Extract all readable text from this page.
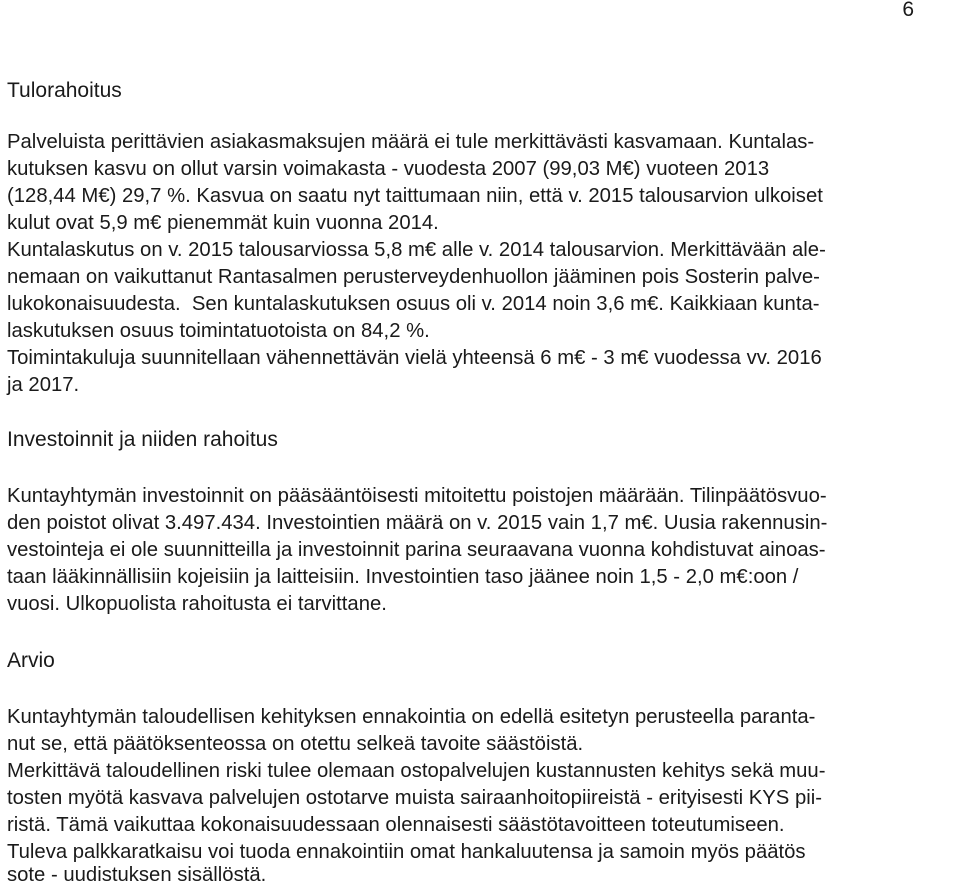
6
Tulorahoitus
Palveluista perittävien asiakasmaksujen määrä ei tule merkittävästi kasvamaan. Kuntalas-
kutuksen kasvu on ollut varsin voimakasta - vuodesta 2007 (99,03 M€) vuoteen 2013
(128,44 M€) 29,7 %. Kasvua on saatu nyt taittumaan niin, että v. 2015 talousarvion ulkoiset
kulut ovat 5,9 m€ pienemmät kuin vuonna 2014.
Kuntalaskutus on v. 2015 talousarviossa 5,8 m€ alle v. 2014 talousarvion. Merkittävään ale-
nemaan on vaikuttanut Rantasalmen perusterveydenhuollon jääminen pois Sosterin palve-
lukokonaisuudesta.  Sen kuntalaskutuksen osuus oli v. 2014 noin 3,6 m€. Kaikkiaan kunta-
laskutuksen osuus toimintatuotoista on 84,2 %.
Toimintakuluja suunnitellaan vähennettävän vielä yhteensä 6 m€ - 3 m€ vuodessa vv. 2016
ja 2017.
Investoinnit ja niiden rahoitus
Kuntayhtymän investoinnit on pääsääntöisesti mitoitettu poistojen määrään. Tilinpäätösvuo-
den poistot olivat 3.497.434. Investointien määrä on v. 2015 vain 1,7 m€. Uusia rakennusin-
vestointeja ei ole suunnitteilla ja investoinnit parina seuraavana vuonna kohdistuvat ainoas-
taan lääkinnällisiin kojeisiin ja laitteisiin. Investointien taso jäänee noin 1,5 - 2,0 m€:oon /
vuosi. Ulkopuolista rahoitusta ei tarvittane.
Arvio
Kuntayhtymän taloudellisen kehityksen ennakointia on edellä esitetyn perusteella paranta-
nut se, että päätöksenteossa on otettu selkeä tavoite säästöistä.
Merkittävä taloudellinen riski tulee olemaan ostopalvelujen kustannusten kehitys sekä muu-
tosten myötä kasvava palvelujen ostotarve muista sairaanhoitopiireistä - erityisesti KYS pii-
ristä. Tämä vaikuttaa kokonaisuudessaan olennaisesti säästötavoitteen toteutumiseen.
Tuleva palkkaratkaisu voi tuoda ennakointiin omat hankaluutensa ja samoin myös päätös
sote - uudistuksen sisällöstä.
